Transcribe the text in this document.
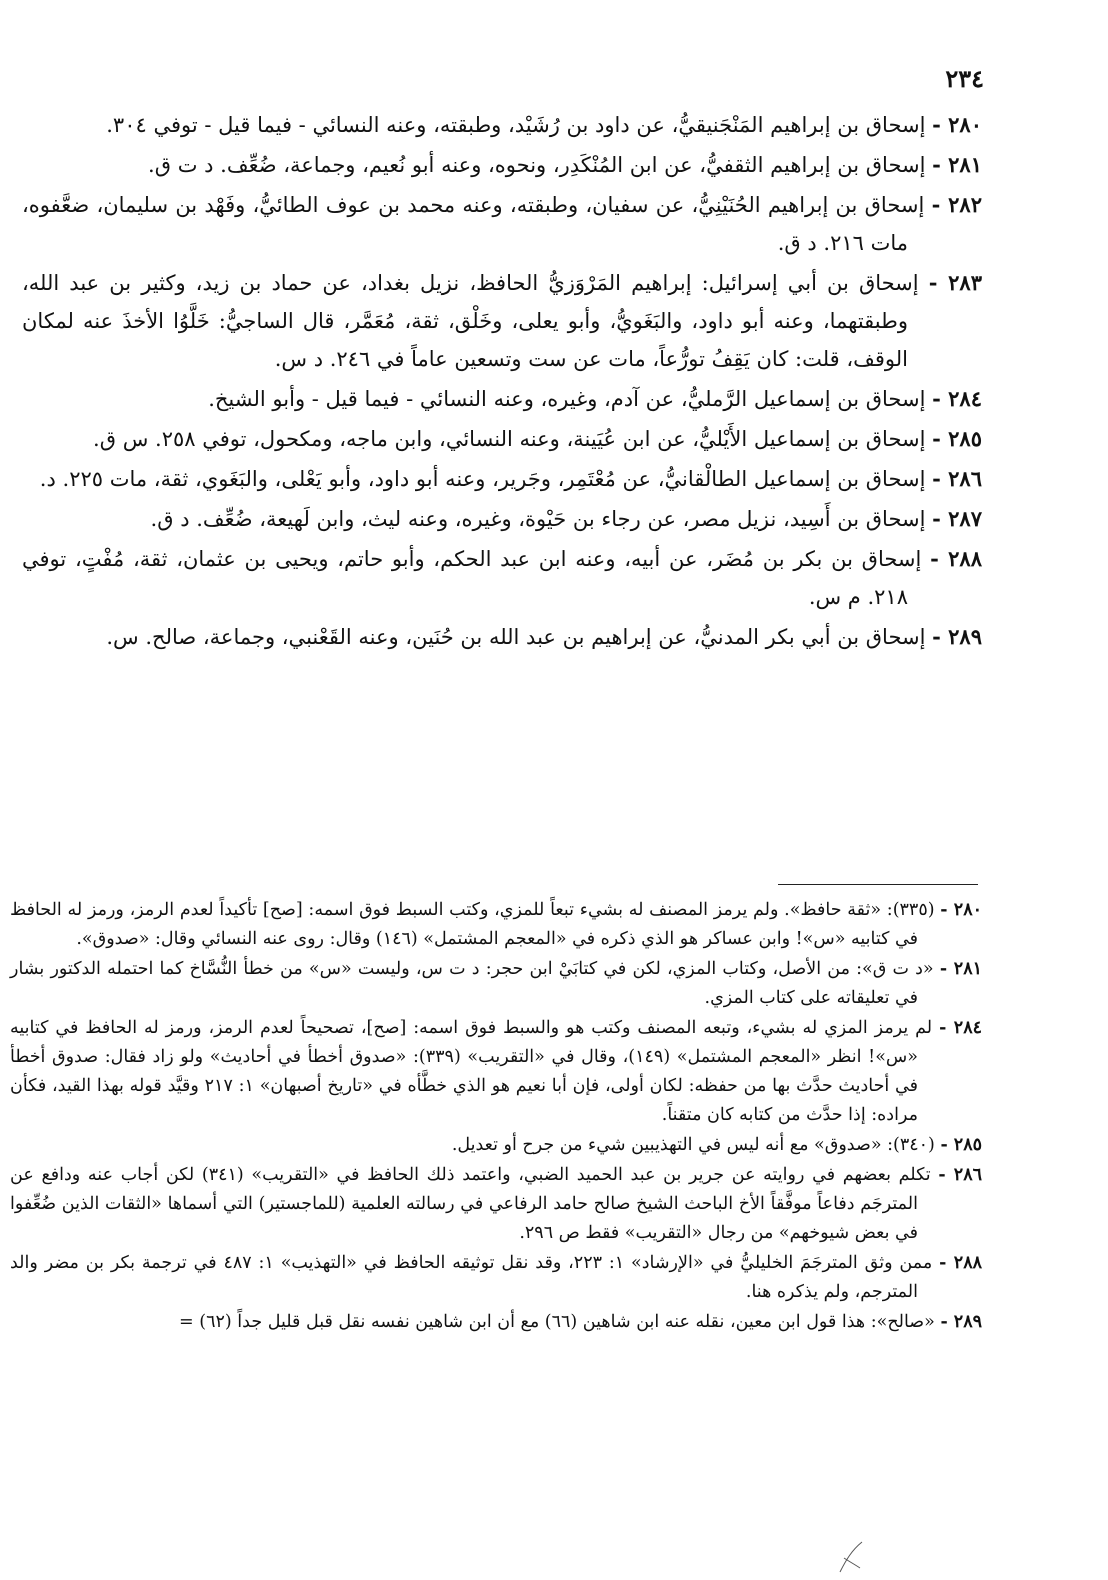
٢٣٤

٢٨٠ - إسحاق بن إبراهيم المَنْجَنيقيُّ، عن داود بن رُشَيْد، وطبقته، وعنه النسائي - فيما قيل - توفي ٣٠٤.

٢٨١ - إسحاق بن إبراهيم الثقفيُّ، عن ابن المُنْكَدِر، ونحوه، وعنه أبو نُعيم، وجماعة، ضُعِّف. د ت ق.

٢٨٢ - إسحاق بن إبراهيم الحُنَيْنِيُّ، عن سفيان، وطبقته، وعنه محمد بن عوف الطائيُّ، وفَهْد بن سليمان، ضعَّفوه، مات ٢١٦. د ق.

٢٨٣ - إسحاق بن أبي إسرائيل: إبراهيم المَرْوَزيُّ الحافظ، نزيل بغداد، عن حماد بن زيد، وكثير بن عبد الله، وطبقتهما، وعنه أبو داود، والبَغَويُّ، وأبو يعلى، وخَلْق، ثقة، مُعَمَّر، قال الساجيُّ: خَلَّوُا الأخذَ عنه لمكان الوقف، قلت: كان يَقِفُ تورُّعاً، مات عن ست وتسعين عاماً في ٢٤٦. د س.

٢٨٤ - إسحاق بن إسماعيل الرَّمليُّ، عن آدم، وغيره، وعنه النسائي - فيما قيل - وأبو الشيخ.

٢٨٥ - إسحاق بن إسماعيل الأَيْليُّ، عن ابن عُيَينة، وعنه النسائي، وابن ماجه، ومكحول، توفي ٢٥٨. س ق.

٢٨٦ - إسحاق بن إسماعيل الطالْقانيُّ، عن مُعْتَمِر، وجَرير، وعنه أبو داود، وأبو يَعْلى، والبَغَوي، ثقة، مات ٢٢٥. د.

٢٨٧ - إسحاق بن أَسِيد، نزيل مصر، عن رجاء بن حَيْوة، وغيره، وعنه ليث، وابن لَهيعة، ضُعِّف. د ق.

٢٨٨ - إسحاق بن بكر بن مُضَر، عن أبيه، وعنه ابن عبد الحكم، وأبو حاتم، ويحيى بن عثمان، ثقة، مُفْتٍ، توفي ٢١٨. م س.

٢٨٩ - إسحاق بن أبي بكر المدنيُّ، عن إبراهيم بن عبد الله بن حُنَين، وعنه القَعْنبي، وجماعة، صالح. س.

٢٨٠ - (٣٣٥): «ثقة حافظ». ولم يرمز المصنف له بشيء تبعاً للمزي، وكتب السبط فوق اسمه: [صح] تأكيداً لعدم الرمز، ورمز له الحافظ في كتابيه «س»! وابن عساكر هو الذي ذكره في «المعجم المشتمل» (١٤٦) وقال: روى عنه النسائي وقال: «صدوق».

٢٨١ - «د ت ق»: من الأصل، وكتاب المزي، لكن في كتابَيْ ابن حجر: د ت س، وليست «س» من خطأ النُّسَّاخ كما احتمله الدكتور بشار في تعليقاته على كتاب المزي.

٢٨٤ - لم يرمز المزي له بشيء، وتبعه المصنف وكتب هو والسبط فوق اسمه: [صح]، تصحيحاً لعدم الرمز، ورمز له الحافظ في كتابيه «س»! انظر «المعجم المشتمل» (١٤٩)، وقال في «التقريب» (٣٣٩): «صدوق أخطأ في أحاديث» ولو زاد فقال: صدوق أخطأ في أحاديث حدَّث بها من حفظه: لكان أولى، فإن أبا نعيم هو الذي خطَّأه في «تاريخ أصبهان» ١: ٢١٧ وقيَّد قوله بهذا القيد، فكأن مراده: إذا حدَّث من كتابه كان متقناً.

٢٨٥ - (٣٤٠): «صدوق» مع أنه ليس في التهذيبين شيء من جرح أو تعديل.

٢٨٦ - تكلم بعضهم في روايته عن جرير بن عبد الحميد الضبي، واعتمد ذلك الحافظ في «التقريب» (٣٤١) لكن أجاب عنه ودافع عن المترجَم دفاعاً موفَّقاً الأخ الباحث الشيخ صالح حامد الرفاعي في رسالته العلمية (للماجستير) التي أسماها «الثقات الذين ضُعِّفوا في بعض شيوخهم» من رجال «التقريب» فقط ص ٢٩٦.

٢٨٨ - ممن وثق المترجَمَ الخليليُّ في «الإرشاد» ١: ٢٢٣، وقد نقل توثيقه الحافظ في «التهذيب» ١: ٤٨٧ في ترجمة بكر بن مضر والد المترجم، ولم يذكره هنا.

٢٨٩ - «صالح»: هذا قول ابن معين، نقله عنه ابن شاهين (٦٦) مع أن ابن شاهين نفسه نقل قبل قليل جداً (٦٢) =
